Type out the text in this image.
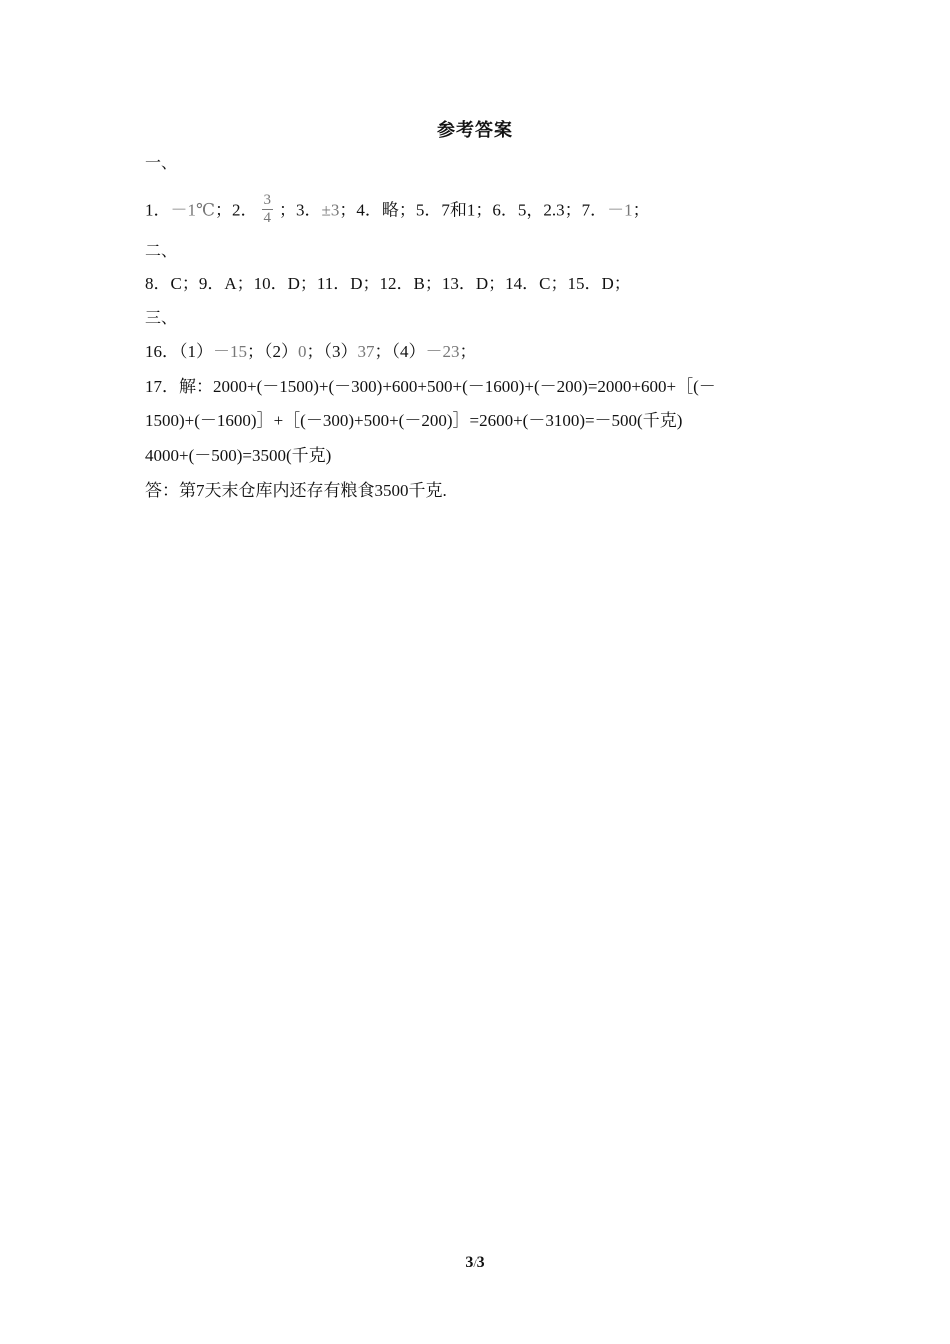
参考答案
一、
1．－1℃；2． $\frac{3}{4}$ ；3．±3；4．略；5．7和1；6．5，2.3；7．－1；
二、
8．C；9．A；10．D；11．D；12．B；13．D；14．C；15．D；
三、
16．（1）－15；（2）0；（3）37；（4）－23；
17．解：2000+(－1500)+(－300)+600+500+(－1600)+(－200)=2000+600+［(－
1500)+(－1600)］+［(－300)+500+(－200)］=2600+(－3100)=－500(千克)
4000+(－500)=3500(千克)
答：第7天末仓库内还存有粮食3500千克.
3/3
